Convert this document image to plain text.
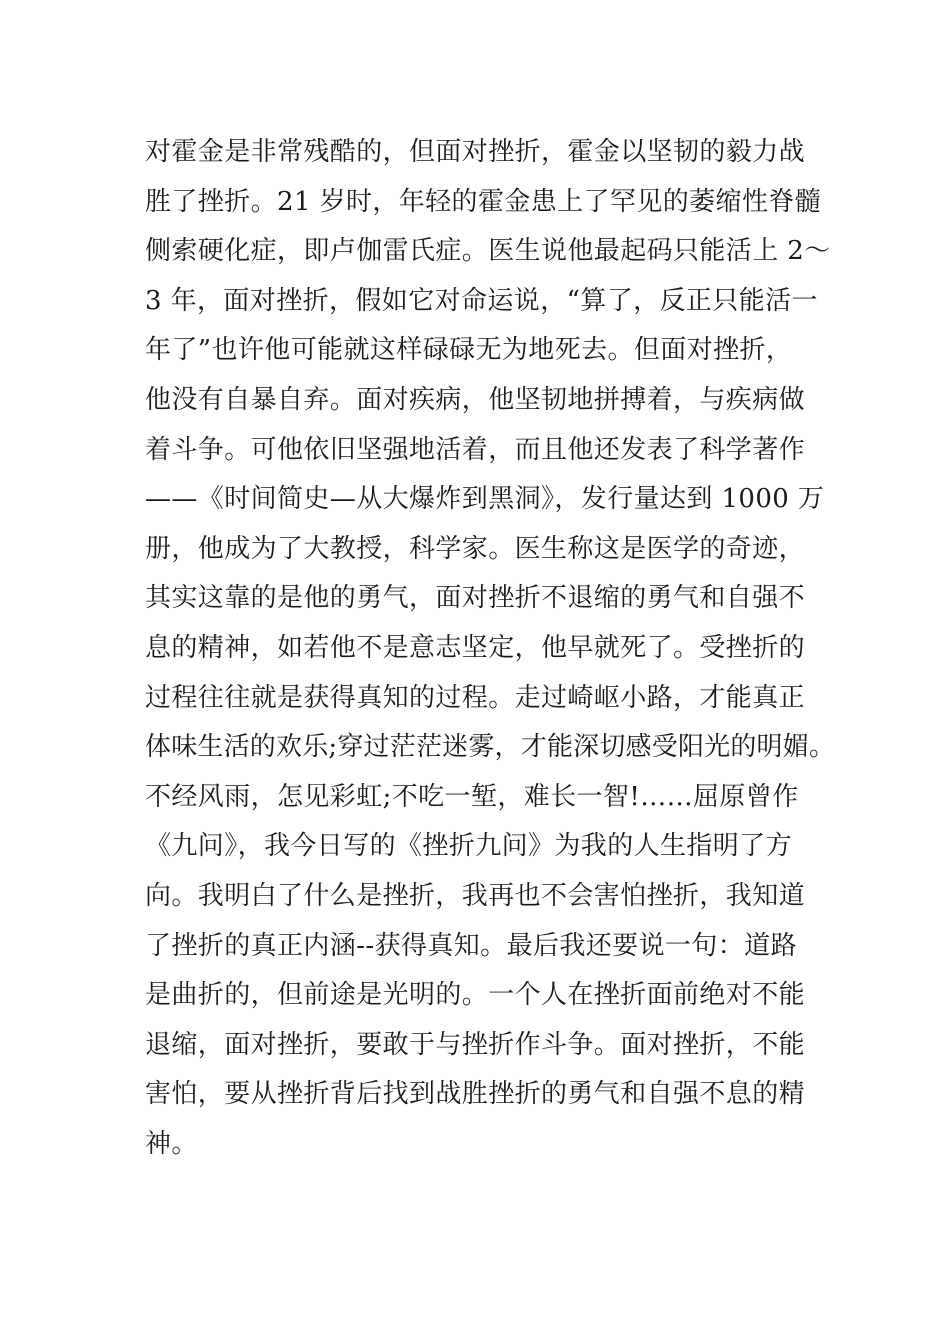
对霍金是非常残酷的，但面对挫折，霍金以坚韧的毅力战
胜了挫折。21 岁时，年轻的霍金患上了罕见的萎缩性脊髓
侧索硬化症，即卢伽雷氏症。医生说他最起码只能活上 2～
3 年，面对挫折，假如它对命运说，“算了，反正只能活一
年了”也许他可能就这样碌碌无为地死去。但面对挫折，
他没有自暴自弃。面对疾病，他坚韧地拼搏着，与疾病做
着斗争。可他依旧坚强地活着，而且他还发表了科学著作
——《时间简史—从大爆炸到黑洞》，发行量达到 1000 万
册，他成为了大教授，科学家。医生称这是医学的奇迹，
其实这靠的是他的勇气，面对挫折不退缩的勇气和自强不
息的精神，如若他不是意志坚定，他早就死了。受挫折的
过程往往就是获得真知的过程。走过崎岖小路，才能真正
体味生活的欢乐;穿过茫茫迷雾，才能深切感受阳光的明媚。
不经风雨，怎见彩虹;不吃一堑，难长一智!……屈原曾作
《九问》，我今日写的《挫折九问》为我的人生指明了方
向。我明白了什么是挫折，我再也不会害怕挫折，我知道
了挫折的真正内涵--获得真知。最后我还要说一句：道路
是曲折的，但前途是光明的。一个人在挫折面前绝对不能
退缩，面对挫折，要敢于与挫折作斗争。面对挫折，不能
害怕，要从挫折背后找到战胜挫折的勇气和自强不息的精
神。
